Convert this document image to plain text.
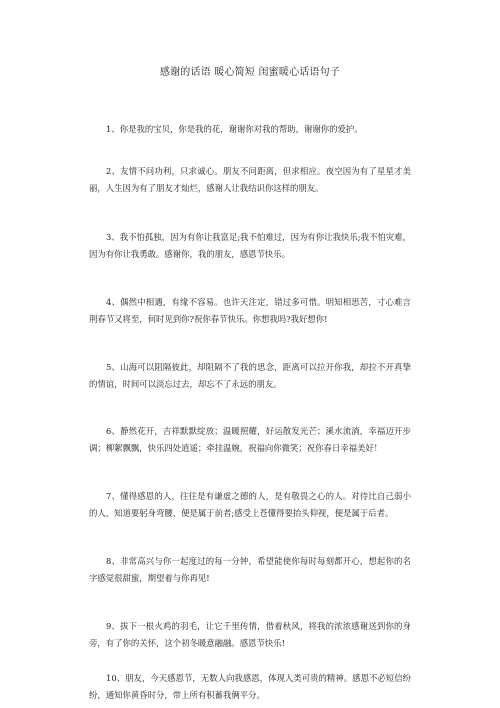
感谢的话语 暖心简短 闺蜜暖心话语句子

1、你是我的宝贝，你是我的花，谢谢你对我的帮助，谢谢你的爱护。

2、友情不问功利，只求诚心。朋友不问距离，但求相应。夜空因为有了星星才美丽，人生因为有了朋友才灿烂，感谢人让我结识你这样的朋友。

3、我不怕孤独，因为有你让我富足;我不怕难过，因为有你让我快乐;我不怕灾难，因为有你让我勇敢。感谢你，我的朋友，感恩节快乐。

4、偶然中相遇，有缘不容易。也许天注定，错过多可惜。明知相思苦，寸心难言荆春节又将至，何时见到你?祝你春节快乐。你想我吗?我好想你!

5、山海可以阻隔彼此，却阻隔不了我的思念，距离可以拉开你我，却拉不开真挚的情谊，时间可以淡忘过去，却忘不了永远的朋友。

6、静然花开，吉祥默默绽放；温暖照耀，好运散发光芒；溪水流淌，幸福迈开步调；柳絮飘飘，快乐四处逍遥；牵挂温婉，祝福向你微笑；祝你春日幸福美好！

7、懂得感恩的人，往往是有谦虚之德的人，是有敬畏之心的人。对待比自己弱小的人，知道要躬身弯腰，便是属于前者;感受上苍懂得要抬头仰视，便是属于后者。

8、非常高兴与你一起度过的每一分钟，希望能使你每时每刻都开心，想起你的名字感觉很甜蜜，期望着与你再见!

9、拔下一根火鸡的羽毛，让它千里传情，借着秋风，将我的浓浓感谢送到你的身旁，有了你的关怀，这个初冬暖意融融。感恩节快乐!

10、朋友，今天感恩节，无数人向我感恩，体现人类可贵的精神。感恩不必短信纷纷，通知你黄昏时分，带上所有积蓄我俩平分。
